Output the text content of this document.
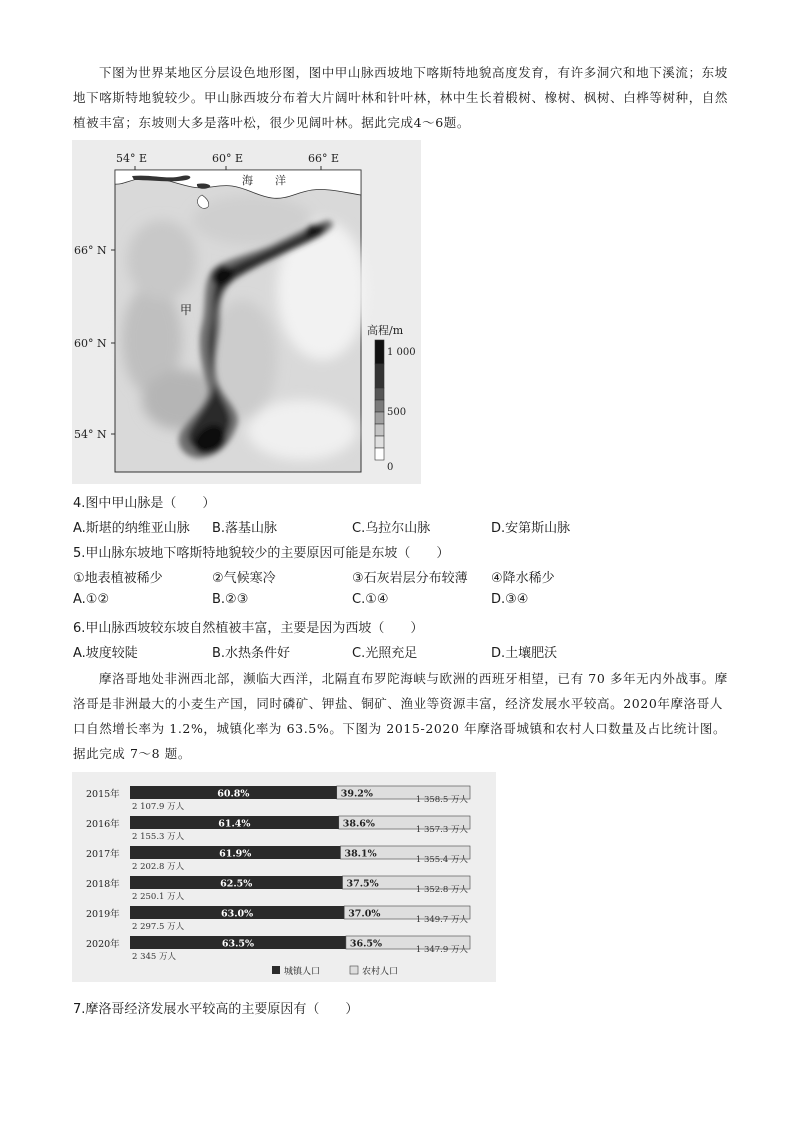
下图为世界某地区分层设色地形图，图中甲山脉西坡地下喀斯特地貌高度发育，有许多洞穴和地下溪流；东坡地下喀斯特地貌较少。甲山脉西坡分布着大片阔叶林和针叶林，林中生长着椴树、橡树、枫树、白桦等树种，自然植被丰富；东坡则大多是落叶松，很少见阔叶林。据此完成4～6题。
54° E	60° E	66° E
66° N
60° N
54° N
海　　洋
甲
高程/m
1 000
500
0
4.图中甲山脉是（　　）
A.斯堪的纳维亚山脉 B.落基山脉	C.乌拉尔山脉	D.安第斯山脉
5.甲山脉东坡地下喀斯特地貌较少的主要原因可能是东坡（　　）
①地表植被稀少	②气候寒冷	③石灰岩层分布较薄 ④降水稀少
A.①②	B.②③	C.①④	D.③④
6.甲山脉西坡较东坡自然植被丰富，主要是因为西坡（　　）
A.坡度较陡	B.水热条件好	C.光照充足	D.土壤肥沃
摩洛哥地处非洲西北部，濒临大西洋，北隔直布罗陀海峡与欧洲的西班牙相望，已有 70 多年无内外战事。摩洛哥是非洲最大的小麦生产国，同时磷矿、钾盐、铜矿、渔业等资源丰富，经济发展水平较高。2020年摩洛哥人口自然增长率为 1.2%，城镇化率为 63.5%。下图为 2015-2020 年摩洛哥城镇和农村人口数量及占比统计图。据此完成 7～8 题。
2015年	60.8%	39.2%
2 107.9 万人
1 358.5 万人
2016年	61.4%	38.6%
2 155.3 万人
1 357.3 万人
2017年	61.9%	38.1%
2 202.8 万人
1 355.4 万人
2018年	62.5%	37.5%
2 250.1 万人
1 352.8 万人
2019年	63.0%	37.0%
2 297.5 万人
1 349.7 万人
2020年	63.5%	36.5%
2 345 万人
1 347.9 万人
城镇人口	农村人口
7.摩洛哥经济发展水平较高的主要原因有（　　）
